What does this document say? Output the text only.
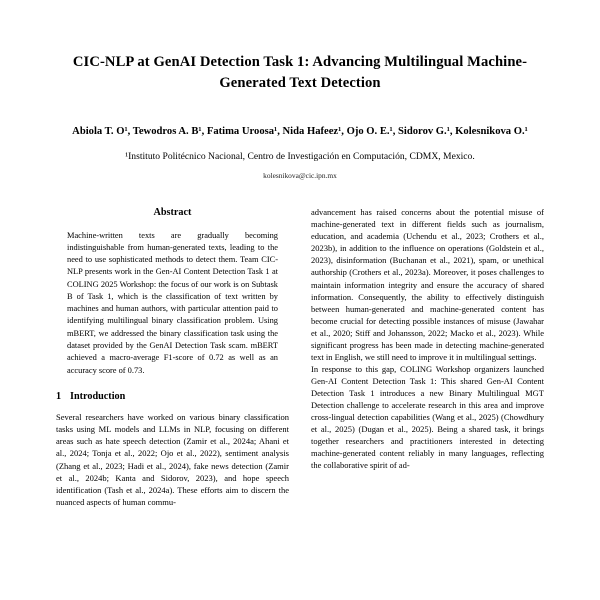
CIC-NLP at GenAI Detection Task 1: Advancing Multilingual Machine-Generated Text Detection
Abiola T. O¹, Tewodros A. B¹, Fatima Uroosa¹, Nida Hafeez¹, Ojo O. E.¹, Sidorov G.¹, Kolesnikova O.¹
¹Instituto Politécnico Nacional, Centro de Investigación en Computación, CDMX, Mexico.
kolesnikova@cic.ipn.mx
Abstract
Machine-written texts are gradually becoming indistinguishable from human-generated texts, leading to the need to use sophisticated methods to detect them. Team CIC-NLP presents work in the Gen-AI Content Detection Task 1 at COLING 2025 Workshop: the focus of our work is on Subtask B of Task 1, which is the classification of text written by machines and human authors, with particular attention paid to identifying multilingual binary classification problem. Using mBERT, we addressed the binary classification task using the dataset provided by the GenAI Detection Task scam. mBERT achieved a macro-average F1-score of 0.72 as well as an accuracy score of 0.73.
1 Introduction

Several researchers have worked on various binary classification tasks using ML models and LLMs in NLP, focusing on different areas such as hate speech detection (Zamir et al., 2024a; Ahani et al., 2024; Tonja et al., 2022; Ojo et al., 2022), sentiment analysis (Zhang et al., 2023; Hadi et al., 2024), fake news detection (Zamir et al., 2024b; Kanta and Sidorov, 2023), and hope speech identification (Tash et al., 2024a). These efforts aim to discern the nuanced aspects of human commu-

advancement has raised concerns about the potential misuse of machine-generated text in different fields such as journalism, education, and academia (Uchendu et al., 2023; Crothers et al., 2023b), in addition to the influence on operations (Goldstein et al., 2023), disinformation (Buchanan et al., 2021), spam, or unethical authorship (Crothers et al., 2023a). Moreover, it poses challenges to maintain information integrity and ensure the accuracy of shared information. Consequently, the ability to effectively distinguish between human-generated and machine-generated content has become crucial for detecting possible instances of misuse (Jawahar et al., 2020; Stiff and Johansson, 2022; Macko et al., 2023). While significant progress has been made in detecting machine-generated text in English, we still need to improve it in multilingual settings.

In response to this gap, COLING Workshop organizers launched Gen-AI Content Detection Task 1: This shared Gen-AI Content Detection Task 1 introduces a new Binary Multilingual MGT Detection challenge to accelerate research in this area and improve cross-lingual detection capabilities (Wang et al., 2025) (Chowdhury et al., 2025) (Dugan et al., 2025). Being a shared task, it brings together researchers and practitioners interested in detecting machine-generated content reliably in many languages, reflecting the collaborative spirit of ad-
